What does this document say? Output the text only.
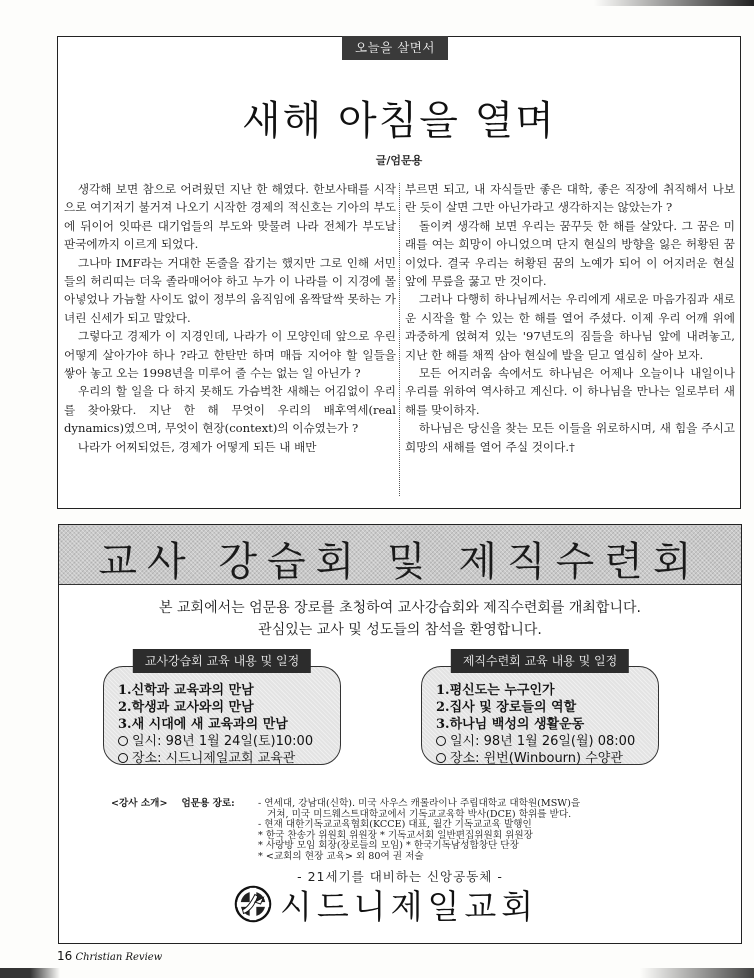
오늘을 살면서
새해 아침을 열며
글/엄문용

생각해 보면 참으로 어려웠던 지난 한 해였다. 한보사태를 시작으로 여기저기 불거져 나오기 시작한 경제의 적신호는 기아의 부도에 뒤이어 잇따른 대기업들의 부도와 맞물려 나라 전체가 부도날 판국에까지 이르게 되었다.

그나마 IMF라는 거대한 돈줄을 잡기는 했지만 그로 인해 서민들의 허리띠는 더욱 졸라매어야 하고 누가 이 나라를 이 지경에 몰아넣었나 가늠할 사이도 없이 정부의 움직임에 옴짝달싹 못하는 가녀린 신세가 되고 말았다.

그렇다고 경제가 이 지경인데, 나라가 이 모양인데 앞으로 우린 어떻게 살아가야 하나 ?라고 한탄만 하며 매듭 지어야 할 일들을 쌓아 놓고 오는 1998년을 미루어 줄 수는 없는 일 아닌가 ?

우리의 할 일을 다 하지 못해도 가슴벅찬 새해는 어김없이 우리를 찾아왔다. 지난 한 해 무엇이 우리의 배후역세(real dynamics)였으며, 무엇이 현장(context)의 이슈였는가 ?

나라가 어찌되었든, 경제가 어떻게 되든 내 배만

부르면 되고, 내 자식들만 좋은 대학, 좋은 직장에 취직해서 나보란 듯이 살면 그만 아닌가라고 생각하지는 않았는가 ?

돌이켜 생각해 보면 우리는 꿈꾸듯 한 해를 살았다. 그 꿈은 미래를 여는 희망이 아니었으며 단지 현실의 방향을 잃은 허황된 꿈이었다. 결국 우리는 허황된 꿈의 노예가 되어 이 어지러운 현실 앞에 무릎을 꿇고 만 것이다.

그러나 다행히 하나님께서는 우리에게 새로운 마음가짐과 새로운 시작을 할 수 있는 한 해를 열어 주셨다. 이제 우리 어깨 위에 과중하게 얹혀져 있는 '97년도의 짐들을 하나님 앞에 내려놓고, 지난 한 해를 채찍 삼아 현실에 발을 딛고 열심히 살아 보자.

모든 어지러움 속에서도 하나님은 어제나 오늘이나 내일이나 우리를 위하여 역사하고 계신다. 이 하나님을 만나는 일로부터 새해를 맞이하자.

하나님은 당신을 찾는 모든 이들을 위로하시며, 새 힘을 주시고 희망의 새해를 열어 주실 것이다.†

교사 강습회 및 제직수련회
본 교회에서는 엄문용 장로를 초청하여 교사강습회와 제직수련회를 개최합니다.
관심있는 교사 및 성도들의 참석을 환영합니다.
교사강습회 교육 내용 및 일정
1.신학과 교육과의 만남
2.학생과 교사와의 만남
3.새 시대에 새 교육과의 만남
일시: 98년 1월 24일(토)10:00
장소: 시드니제일교회 교육관
제직수련회 교육 내용 및 일정
1.평신도는 누구인가
2.집사 및 장로들의 역할
3.하나님 백성의 생활운동
일시: 98년 1월 26일(월) 08:00
장소: 윈번(Winbourn) 수양관
<강사 소개> 엄문용 장로: - 연세대, 강남대(신학). 미국 사우스 캐롤라이나 주립대학교 대학원(MSW)을
거쳐, 미국 미드웨스트대학교에서 기독교교육학 박사(DCE) 학위를 받다.
- 현재 대한기독교교육협회(KCCE) 대표, 월간 기독교교육 발행인
* 한국 찬송가 위원회 위원장 * 기독교서회 일반편집위원회 위원장
* 사랑방 모임 회장(장로들의 모임) * 한국기독남성합창단 단장
* <교회의 현장 교육> 외 80여 권 저술
- 21세기를 대비하는 신앙공동체 -
시드니제일교회
16 Christian Review
